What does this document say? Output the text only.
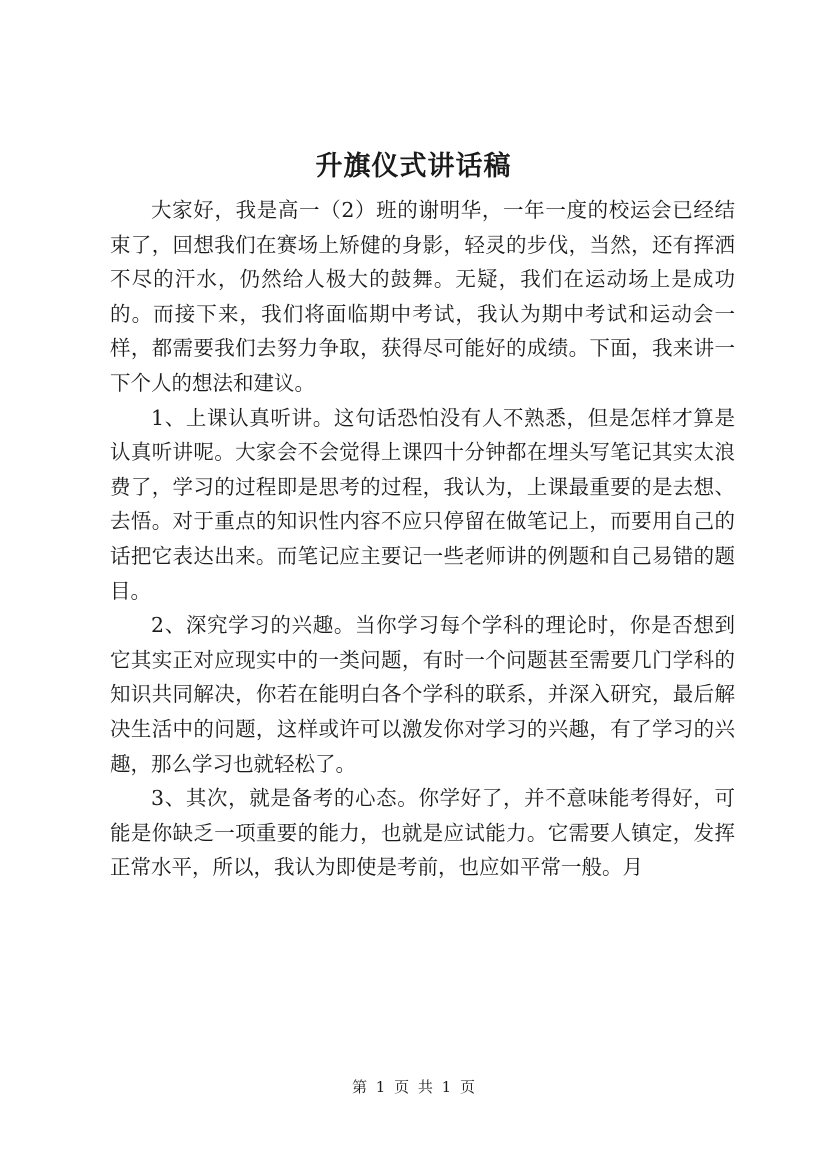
升旗仪式讲话稿

大家好，我是高一（2）班的谢明华，一年一度的校运会已经结束了，回想我们在赛场上矫健的身影，轻灵的步伐，当然，还有挥洒不尽的汗水，仍然给人极大的鼓舞。无疑，我们在运动场上是成功的。而接下来，我们将面临期中考试，我认为期中考试和运动会一样，都需要我们去努力争取，获得尽可能好的成绩。下面，我来讲一下个人的想法和建议。

1、上课认真听讲。这句话恐怕没有人不熟悉，但是怎样才算是认真听讲呢。大家会不会觉得上课四十分钟都在埋头写笔记其实太浪费了，学习的过程即是思考的过程，我认为，上课最重要的是去想、去悟。对于重点的知识性内容不应只停留在做笔记上，而要用自己的话把它表达出来。而笔记应主要记一些老师讲的例题和自己易错的题目。

2、深究学习的兴趣。当你学习每个学科的理论时，你是否想到它其实正对应现实中的一类问题，有时一个问题甚至需要几门学科的知识共同解决，你若在能明白各个学科的联系，并深入研究，最后解决生活中的问题，这样或许可以激发你对学习的兴趣，有了学习的兴趣，那么学习也就轻松了。

3、其次，就是备考的心态。你学好了，并不意味能考得好，可能是你缺乏一项重要的能力，也就是应试能力。它需要人镇定，发挥正常水平，所以，我认为即使是考前，也应如平常一般。月

第 1 页 共 1 页
